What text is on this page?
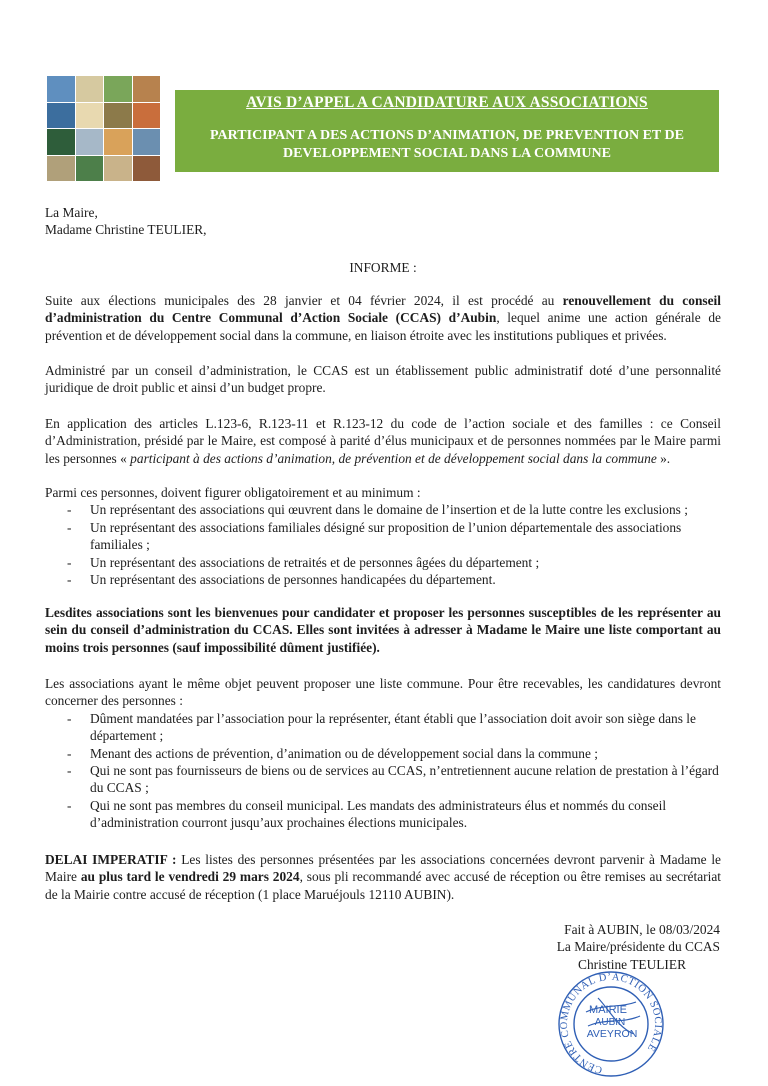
AVIS D’APPEL A CANDIDATURE AUX ASSOCIATIONS
PARTICIPANT A DES ACTIONS D’ANIMATION, DE PREVENTION ET DE DEVELOPPEMENT SOCIAL DANS LA COMMUNE
La Maire,
Madame Christine TEULIER,
INFORME :
Suite aux élections municipales des 28 janvier et 04 février 2024, il est procédé au renouvellement du conseil d’administration du Centre Communal d’Action Sociale (CCAS) d’Aubin, lequel anime une action générale de prévention et de développement social dans la commune, en liaison étroite avec les institutions publiques et privées.
Administré par un conseil d’administration, le CCAS est un établissement public administratif doté d’une personnalité juridique de droit public et ainsi d’un budget propre.
En application des articles L.123-6, R.123-11 et R.123-12 du code de l’action sociale et des familles : ce Conseil d’Administration, présidé par le Maire, est composé à parité d’élus municipaux et de personnes nommées par le Maire parmi les personnes « participant à des actions d’animation, de prévention et de développement social dans la commune ».
Parmi ces personnes, doivent figurer obligatoirement et au minimum :
- Un représentant des associations qui œuvrent dans le domaine de l’insertion et de la lutte contre les exclusions ;
- Un représentant des associations familiales désigné sur proposition de l’union départementale des associations familiales ;
- Un représentant des associations de retraités et de personnes âgées du département ;
- Un représentant des associations de personnes handicapées du département.
Lesdites associations sont les bienvenues pour candidater et proposer les personnes susceptibles de les représenter au sein du conseil d’administration du CCAS. Elles sont invitées à adresser à Madame le Maire une liste comportant au moins trois personnes (sauf impossibilité dûment justifiée).
Les associations ayant le même objet peuvent proposer une liste commune. Pour être recevables, les candidatures devront concerner des personnes :
- Dûment mandatées par l’association pour la représenter, étant établi que l’association doit avoir son siège dans le département ;
- Menant des actions de prévention, d’animation ou de développement social dans la commune ;
- Qui ne sont pas fournisseurs de biens ou de services au CCAS, n’entretiennent aucune relation de prestation à l’égard du CCAS ;
- Qui ne sont pas membres du conseil municipal. Les mandats des administrateurs élus et nommés du conseil d’administration courront jusqu’aux prochaines élections municipales.
DELAI IMPERATIF : Les listes des personnes présentées par les associations concernées devront parvenir à Madame le Maire au plus tard le vendredi 29 mars 2024, sous pli recommandé avec accusé de réception ou être remises au secrétariat de la Mairie contre accusé de réception (1 place Maruéjouls 12110 AUBIN).
Fait à AUBIN, le 08/03/2024
La Maire/présidente du CCAS
Christine TEULIER
CENTRE COMMUNAL D’ACTION SOCIALE
MAIRIE
AUBIN
AVEYRON
